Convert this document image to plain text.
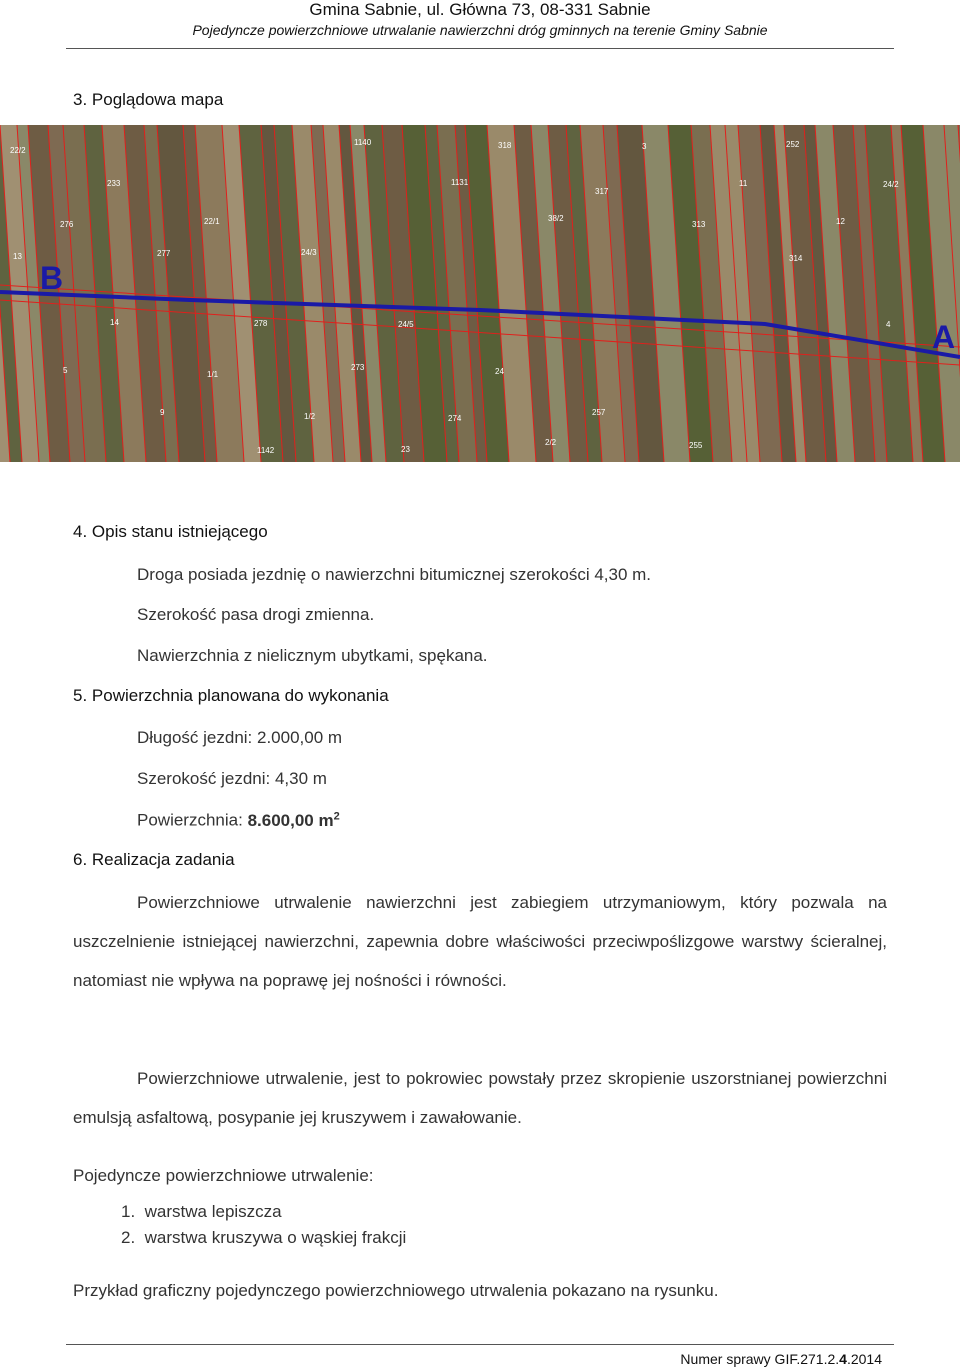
Gmina Sabnie, ul. Główna 73, 08-331 Sabnie
Pojedyncze powierzchniowe utrwalanie nawierzchni dróg gminnych na terenie Gminy Sabnie
3. Poglądowa mapa
22/2
233
22/1
24/3
24/5
24
257
255
252
24/2
276
277
278
273
274
2/2
3
11
12
13
14
1/1
1/2
23
318
317
313
314
4
5
9
1142
1140
1131
38/2
B
A
4. Opis stanu istniejącego
Droga posiada jezdnię o nawierzchni bitumicznej szerokości 4,30 m.
Szerokość pasa drogi zmienna.
Nawierzchnia z nielicznym ubytkami, spękana.
5. Powierzchnia planowana do wykonania
Długość jezdni: 2.000,00 m
Szerokość jezdni: 4,30 m
Powierzchnia: 8.600,00 $m^2$
6. Realizacja zadania
Powierzchniowe utrwalenie nawierzchni jest zabiegiem utrzymaniowym, który pozwala na uszczelnienie istniejącej nawierzchni, zapewnia dobre właściwości przeciwpoślizgowe warstwy ścieralnej, natomiast nie wpływa na poprawę jej nośności i równości.
Powierzchniowe utrwalenie, jest to pokrowiec powstały przez skropienie uszorstnianej powierzchni emulsją asfaltową, posypanie jej kruszywem i zawałowanie.
Pojedyncze powierzchniowe utrwalenie:
1. warstwa lepiszcza
2. warstwa kruszywa o wąskiej frakcji
Przykład graficzny pojedynczego powierzchniowego utrwalenia pokazano na rysunku.
Numer sprawy GIF.271.2.4.2014
